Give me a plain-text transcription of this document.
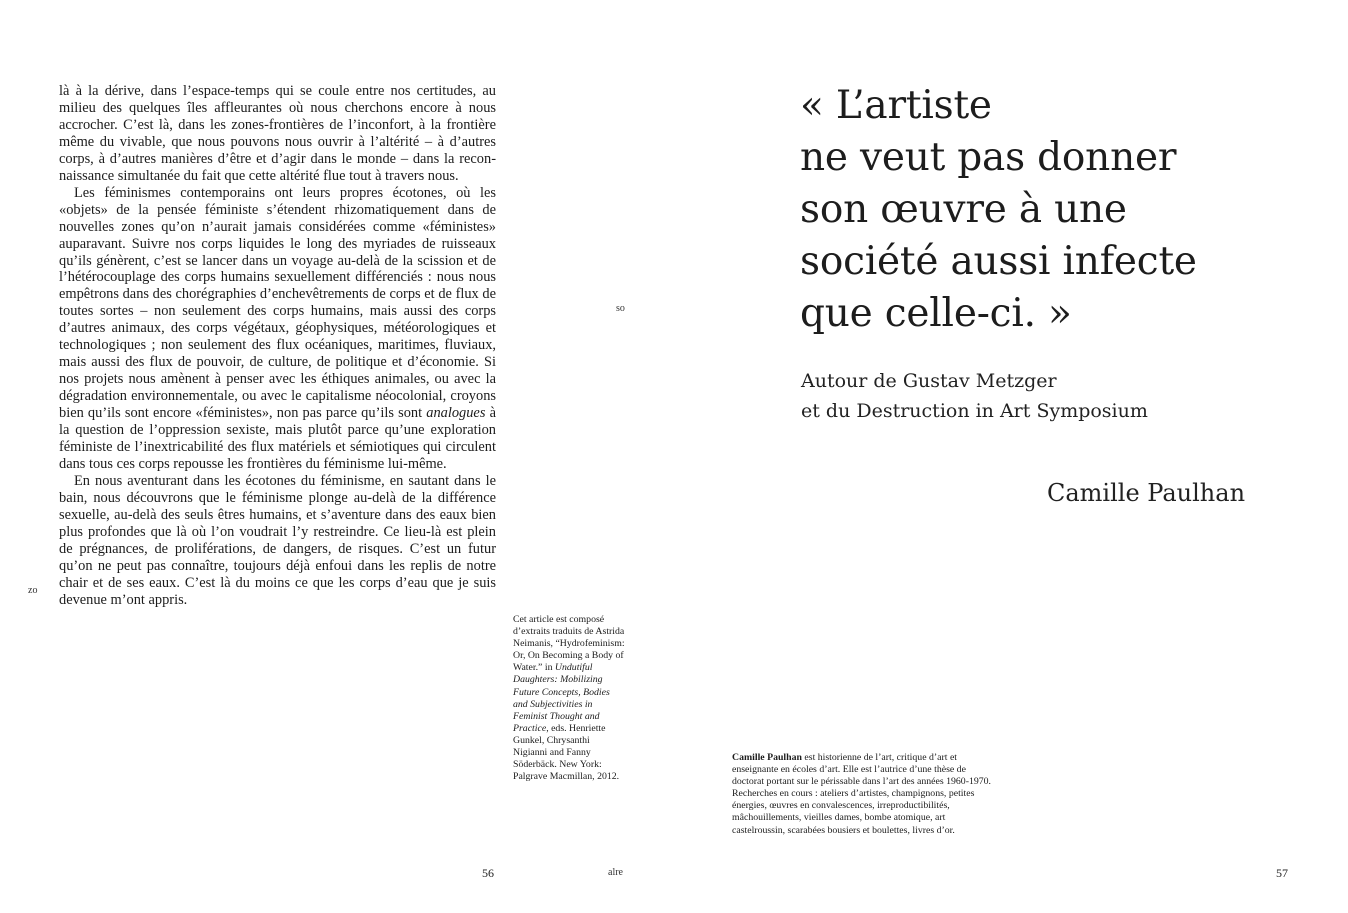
là à la dérive, dans l’espace-temps qui se coule entre nos certitudes, au milieu des quelques îles affleurantes où nous cherchons encore à nous accrocher. C’est là, dans les zones-frontières de l’inconfort, à la frontière même du vivable, que nous pouvons nous ouvrir à l’altérité – à d’autres corps, à d’autres manières d’être et d’agir dans le monde – dans la reconnaissance simultanée du fait que cette altérité flue tout à travers nous.

Les féminismes contemporains ont leurs propres écotones, où les «objets» de la pensée féministe s’étendent rhizomatiquement dans de nouvelles zones qu’on n’aurait jamais considérées comme «féministes» auparavant. Suivre nos corps liquides le long des myriades de ruisseaux qu’ils génèrent, c’est se lancer dans un voyage au-delà de la scission et de l’hétérocouplage des corps humains sexuellement différenciés : nous nous empêtrons dans des chorégraphies d’enchevêtrements de corps et de flux de toutes sortes – non seulement des corps humains, mais aussi des corps d’autres animaux, des corps végétaux, géophysiques, météorologiques et technologiques ; non seulement des flux océaniques, maritimes, fluviaux, mais aussi des flux de pouvoir, de culture, de politique et d’économie. Si nos projets nous amènent à penser avec les éthiques animales, ou avec la dégradation environnementale, ou avec le capitalisme néocolonial, croyons bien qu’ils sont encore «féministes», non pas parce qu’ils sont analogues à la question de l’oppression sexiste, mais plutôt parce qu’une exploration féministe de l’inextricabilité des flux matériels et sémiotiques qui circulent dans tous ces corps repousse les frontières du féminisme lui-même.

En nous aventurant dans les écotones du féminisme, en sautant dans le bain, nous découvrons que le féminisme plonge au-delà de la différence sexuelle, au-delà des seuls êtres humains, et s’aventure dans des eaux bien plus profondes que là où l’on voudrait l’y restreindre. Ce lieu-là est plein de prégnances, de proliférations, de dangers, de risques. C’est un futur qu’on ne peut pas connaître, toujours déjà enfoui dans les replis de notre chair et de ses eaux. C’est là du moins ce que les corps d’eau que je suis devenue m’ont appris.

zo
56
so
alre

Cet article est composé d’extraits traduits de Astrida Neimanis, “Hydrofeminism: Or, On Becoming a Body of Water.” in Undutiful Daughters: Mobilizing Future Concepts, Bodies and Subjectivities in Feminist Thought and Practice, eds. Henriette Gunkel, Chrysanthi Nigianni and Fanny Söderbäck. New York: Palgrave Macmillan, 2012.

« L’artiste
ne veut pas donner
son œuvre à une
société aussi infecte
que celle-ci. »
Autour de Gustav Metzger
et du Destruction in Art Symposium
Camille Paulhan
Camille Paulhan est historienne de l’art, critique d’art et enseignante en écoles d’art. Elle est l’autrice d’une thèse de doctorat portant sur le périssable dans l’art des années 1960-1970. Recherches en cours : ateliers d’artistes, champignons, petites énergies, œuvres en convalescences, irreproductibilités, mâchouillements, vieilles dames, bombe atomique, art castelroussin, scarabées bousiers et boulettes, livres d’or.
57
